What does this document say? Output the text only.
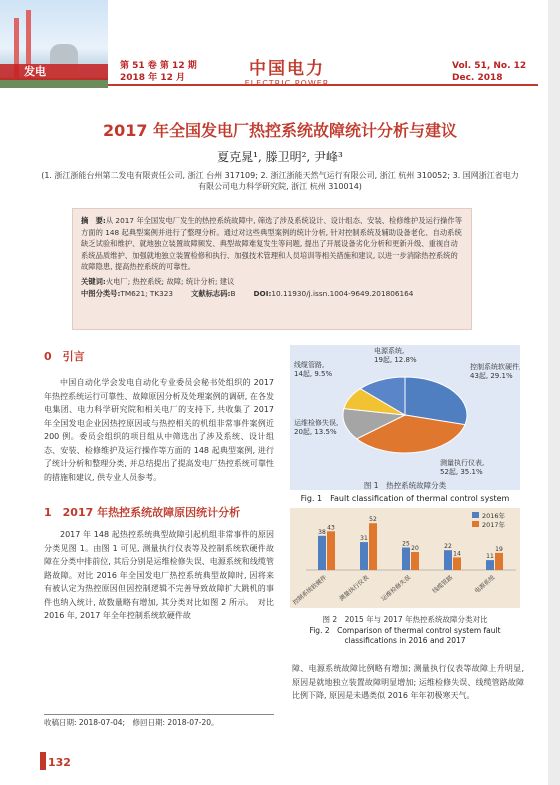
发电	第 51 卷 第 12 期
2018 年 12 月	中国电力	Vol. 51, No. 12
Dec. 2018
2017 年全国发电厂热控系统故障统计分析与建议
夏克晁¹, 滕卫明², 尹峰³
(1. 浙江浙能台州第二发电有限责任公司, 浙江 台州 317109; 2. 浙江浙能天然气运行有限公司, 浙江 杭州 310052; 3. 国网浙江省电力有限公司电力科学研究院, 浙江 杭州 310014)
摘　要:从 2017 年全国发电厂发生的热控系统故障中, 筛选了涉及系统设计、设计组态、安装、检修维护及运行操作等方面的 148 起典型案例并进行了整理分析。通过对这些典型案例的统计分析, 针对控制系统及辅助设备老化、自动系统缺乏试验和维护、就地独立装置故障频发、典型故障难复发生等问题, 提出了开展设备劣化分析和更新升级、重视自动系统品质维护、加强就地独立装置检修和执行、加强技术管理和人员培训等相关措施和建议, 以进一步消除热控系统的故障隐患, 提高热控系统的可靠性。
关键词:火电厂; 热控系统; 故障; 统计分析; 建议
中图分类号:TM621; TK323 文献标志码:B DOI:10.11930/j.issn.1004-9649.201806164
0　引言
中国自动化学会发电自动化专业委员会秘书处组织的 2017 年热控系统运行可靠性、故障原因分析及处理案例的调研, 在各发电集团、电力科学研究院和相关电厂的支持下, 共收集了 2017 年全国发电企业因热控原因或与热控相关的机组非常事件案例近 200 例。委员会组织的项目组从中筛选出了涉及系统、设计组态、安装、检修维护及运行操作等方面的 148 起典型案例, 进行了统计分析和整理分类, 并总结提出了提高发电厂热控系统可靠性的措施和建议, 供专业人员参考。
1　2017 年热控系统故障原因统计分析
2017 年 148 起热控系统典型故障引起机组非常事件的原因分类见图 1。由图 1 可见, 测量执行仪表等及控制系统软硬件故障在分类中排前位, 其后分别是运维检修失误、电源系统和线缆管路故障。对比 2016 年全国发电厂热控系统典型故障时, 因将来有被认定为热控原因但因控制逻辑不完善导致故障扩大跳机的事件也纳入统计, 故数量略有增加, 其分类对比如图 2 所示。　对比 2016 年, 2017 年全年控制系统软硬件故
控制系统软硬件, 43起, 29.1%
测量执行仪表, 52起, 35.1%
运维检修失误, 20起, 13.5%
线缆管路, 14起, 9.5%
电源系统, 19起, 12.8%
图 1　热控系统故障分类
Fig. 1　Fault classification of thermal control system
38
43
控制系统软硬件
31
52
测量执行仪表
25
20
运维检修失误
22
14
线缆管路
11
19
电源系统
2016年
2017年
图 2　2015 年与 2017 年热控系统故障分类对比
Fig. 2　Comparison of thermal control system fault classifications in 2016 and 2017
障、电源系统故障比例略有增加; 测量执行仪表等故障上升明显, 原因是就地独立装置故障明显增加; 运维检修失误、线缆管路故障比例下降, 原因是未遇类似 2016 年年初极寒天气。
收稿日期: 2018-07-04;　修回日期: 2018-07-20。
132
